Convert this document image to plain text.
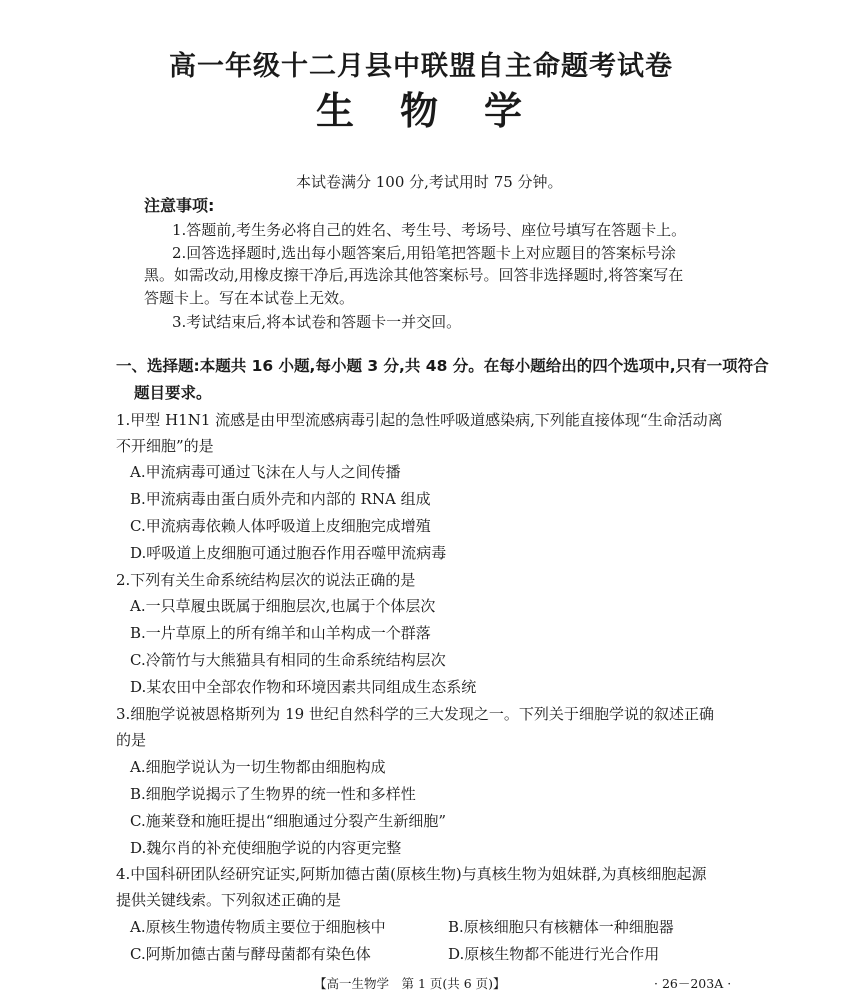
高一年级十二月县中联盟自主命题考试卷
生　物　学
本试卷满分 100 分,考试用时 75 分钟。
注意事项:
1.答题前,考生务必将自己的姓名、考生号、考场号、座位号填写在答题卡上。
2.回答选择题时,选出每小题答案后,用铅笔把答题卡上对应题目的答案标号涂
黑。如需改动,用橡皮擦干净后,再选涂其他答案标号。回答非选择题时,将答案写在
答题卡上。写在本试卷上无效。
3.考试结束后,将本试卷和答题卡一并交回。
一、选择题:本题共 16 小题,每小题 3 分,共 48 分。在每小题给出的四个选项中,只有一项符合
题目要求。
1.甲型 H1N1 流感是由甲型流感病毒引起的急性呼吸道感染病,下列能直接体现“生命活动离
不开细胞”的是
A.甲流病毒可通过飞沫在人与人之间传播
B.甲流病毒由蛋白质外壳和内部的 RNA 组成
C.甲流病毒依赖人体呼吸道上皮细胞完成增殖
D.呼吸道上皮细胞可通过胞吞作用吞噬甲流病毒
2.下列有关生命系统结构层次的说法正确的是
A.一只草履虫既属于细胞层次,也属于个体层次
B.一片草原上的所有绵羊和山羊构成一个群落
C.冷箭竹与大熊猫具有相同的生命系统结构层次
D.某农田中全部农作物和环境因素共同组成生态系统
3.细胞学说被恩格斯列为 19 世纪自然科学的三大发现之一。下列关于细胞学说的叙述正确
的是
A.细胞学说认为一切生物都由细胞构成
B.细胞学说揭示了生物界的统一性和多样性
C.施莱登和施旺提出“细胞通过分裂产生新细胞”
D.魏尔肖的补充使细胞学说的内容更完整
4.中国科研团队经研究证实,阿斯加德古菌(原核生物)与真核生物为姐妹群,为真核细胞起源
提供关键线索。下列叙述正确的是
A.原核生物遗传物质主要位于细胞核中	B.原核细胞只有核糖体一种细胞器
C.阿斯加德古菌与酵母菌都有染色体	D.原核生物都不能进行光合作用
【高一生物学　第 1 页(共 6 页)】	· 26－203A ·
